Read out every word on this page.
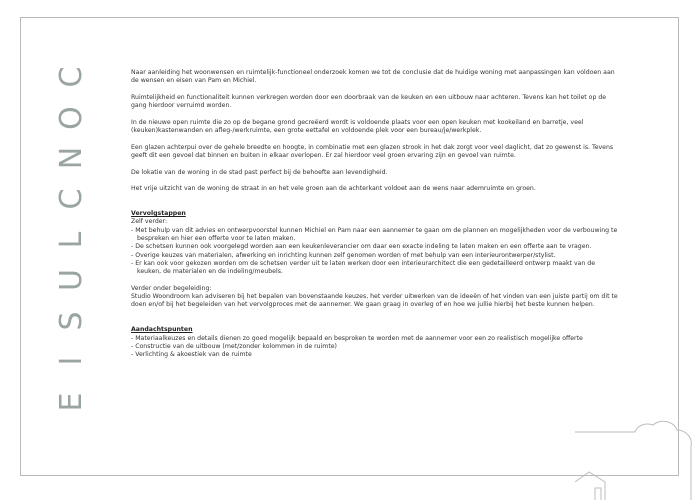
C
O
N
C
L
U
S
I
E

Naar aanleiding het woonwensen en ruimtelijk-functioneel onderzoek komen we tot de conclusie dat de huidige woning met aanpassingen kan voldoen aan de wensen en eisen van Pam en Michiel.

Ruimtelijkheid en functionaliteit kunnen verkregen worden door een doorbraak van de keuken en een uitbouw naar achteren. Tevens kan het toilet op de gang hierdoor verruimd worden.

In de nieuwe open ruimte die zo op de begane grond gecreëerd wordt is voldoende plaats voor een open keuken met kookeiland en barretje, veel (keuken)kastenwanden en afleg-/werkruimte, een grote eettafel en voldoende plek voor een bureau/je/werkplek.

Een glazen achterpui over de gehele breedte en hoogte, in combinatie met een glazen strook in het dak zorgt voor veel daglicht, dat zo gewenst is. Tevens geeft dit een gevoel dat binnen en buiten in elkaar overlopen. Er zal hierdoor veel groen ervaring zijn en gevoel van ruimte.

De lokatie van de woning in de stad past perfect bij de behoefte aan levendigheid.

Het vrije uitzicht van de woning de straat in en het vele groen aan de achterkant voldoet aan de wens naar ademruimte en groen.

Vervolgstappen
Zelf verder:
- Met behulp van dit advies en ontwerpvoorstel kunnen Michiel en Pam naar een aannemer te gaan om de plannen en mogelijkheden voor de verbouwing te bespreken en hier een offerte voor te laten maken.
- De schetsen kunnen ook voorgelegd worden aan een keukenleverancier om daar een exacte indeling te laten maken en een offerte aan te vragen.
- Overige keuzes van materialen, afwerking en inrichting kunnen zelf genomen worden of met behulp van een interieurontwerper/stylist.
- Er kan ook voor gekozen worden om de schetsen verder uit te laten werken door een interieurarchitect die een gedetailleerd ontwerp maakt van de keuken, de materialen en de indeling/meubels.
Verder onder begeleiding:

Studio Woondroom kan adviseren bij het bepalen van bovenstaande keuzes, het verder uitwerken van de ideeën of het vinden van een juiste partij om dit te doen en/of bij het begeleiden van het vervolgproces met de aannemer. We gaan graag in overleg of en hoe we jullie hierbij het beste kunnen helpen.

Aandachtspunten
- Materiaalkeuzes en details dienen zo goed mogelijk bepaald en besproken te worden met de aannemer voor een zo realistisch mogelijke offerte
- Constructie van de uitbouw (met/zonder kolommen in de ruimte)
- Verlichting & akoestiek van de ruimte
